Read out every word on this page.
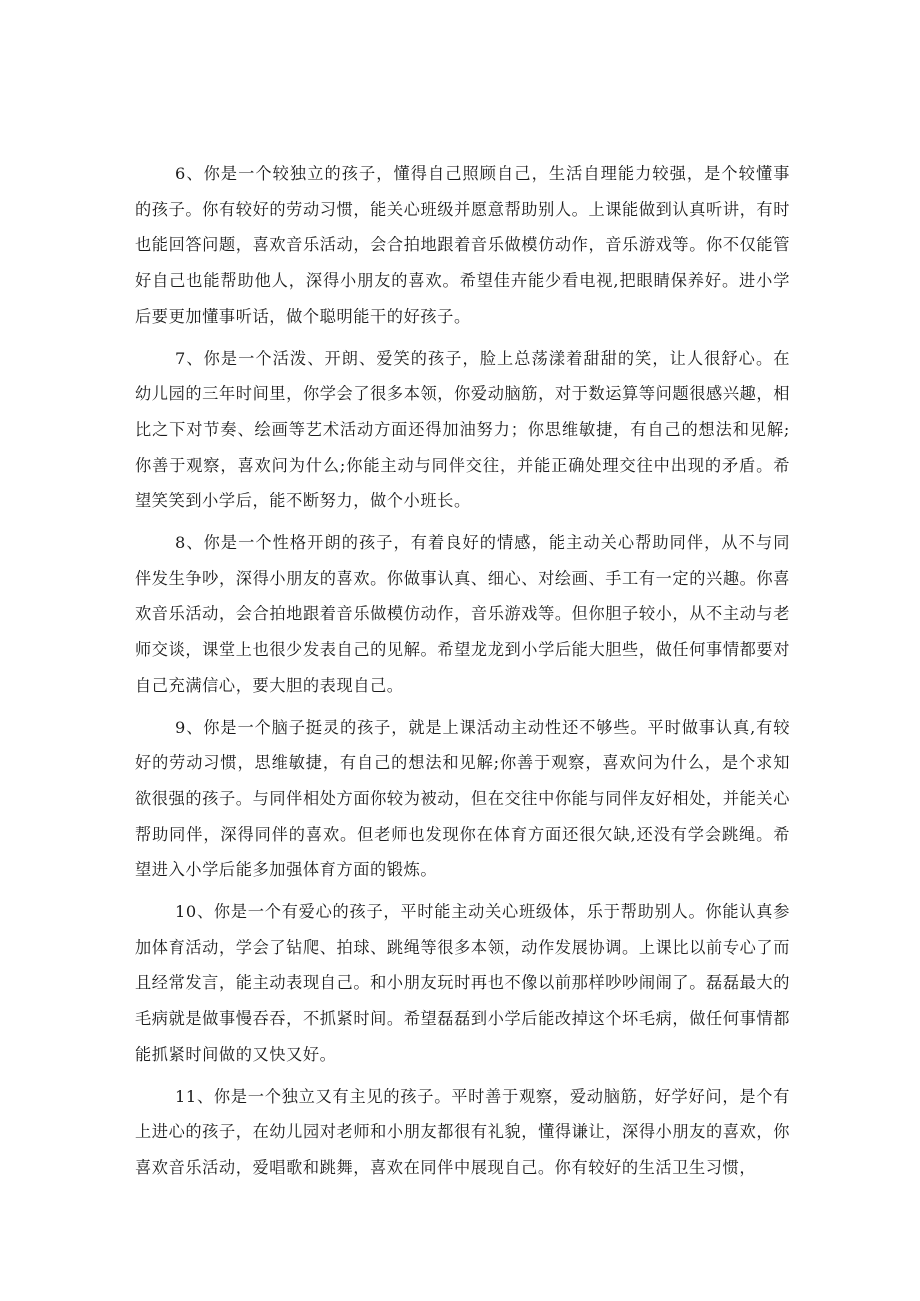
6、你是一个较独立的孩子，懂得自己照顾自己，生活自理能力较强，是个较懂事的孩子。你有较好的劳动习惯，能关心班级并愿意帮助别人。上课能做到认真听讲，有时也能回答问题，喜欢音乐活动，会合拍地跟着音乐做模仿动作，音乐游戏等。你不仅能管好自己也能帮助他人，深得小朋友的喜欢。希望佳卉能少看电视,把眼睛保养好。进小学后要更加懂事听话，做个聪明能干的好孩子。

7、你是一个活泼、开朗、爱笑的孩子，脸上总荡漾着甜甜的笑，让人很舒心。在幼儿园的三年时间里，你学会了很多本领，你爱动脑筋，对于数运算等问题很感兴趣，相比之下对节奏、绘画等艺术活动方面还得加油努力；你思维敏捷，有自己的想法和见解;你善于观察，喜欢问为什么;你能主动与同伴交往，并能正确处理交往中出现的矛盾。希望笑笑到小学后，能不断努力，做个小班长。

8、你是一个性格开朗的孩子，有着良好的情感，能主动关心帮助同伴，从不与同伴发生争吵，深得小朋友的喜欢。你做事认真、细心、对绘画、手工有一定的兴趣。你喜欢音乐活动，会合拍地跟着音乐做模仿动作，音乐游戏等。但你胆子较小，从不主动与老师交谈，课堂上也很少发表自己的见解。希望龙龙到小学后能大胆些，做任何事情都要对自己充满信心，要大胆的表现自己。

9、你是一个脑子挺灵的孩子，就是上课活动主动性还不够些。平时做事认真,有较好的劳动习惯，思维敏捷，有自己的想法和见解;你善于观察，喜欢问为什么，是个求知欲很强的孩子。与同伴相处方面你较为被动，但在交往中你能与同伴友好相处，并能关心帮助同伴，深得同伴的喜欢。但老师也发现你在体育方面还很欠缺,还没有学会跳绳。希望进入小学后能多加强体育方面的锻炼。

10、你是一个有爱心的孩子，平时能主动关心班级体，乐于帮助别人。你能认真参加体育活动，学会了钻爬、拍球、跳绳等很多本领，动作发展协调。上课比以前专心了而且经常发言，能主动表现自己。和小朋友玩时再也不像以前那样吵吵闹闹了。磊磊最大的毛病就是做事慢吞吞，不抓紧时间。希望磊磊到小学后能改掉这个坏毛病，做任何事情都能抓紧时间做的又快又好。

11、你是一个独立又有主见的孩子。平时善于观察，爱动脑筋，好学好问，是个有上进心的孩子，在幼儿园对老师和小朋友都很有礼貌，懂得谦让，深得小朋友的喜欢，你喜欢音乐活动，爱唱歌和跳舞，喜欢在同伴中展现自己。你有较好的生活卫生习惯，
